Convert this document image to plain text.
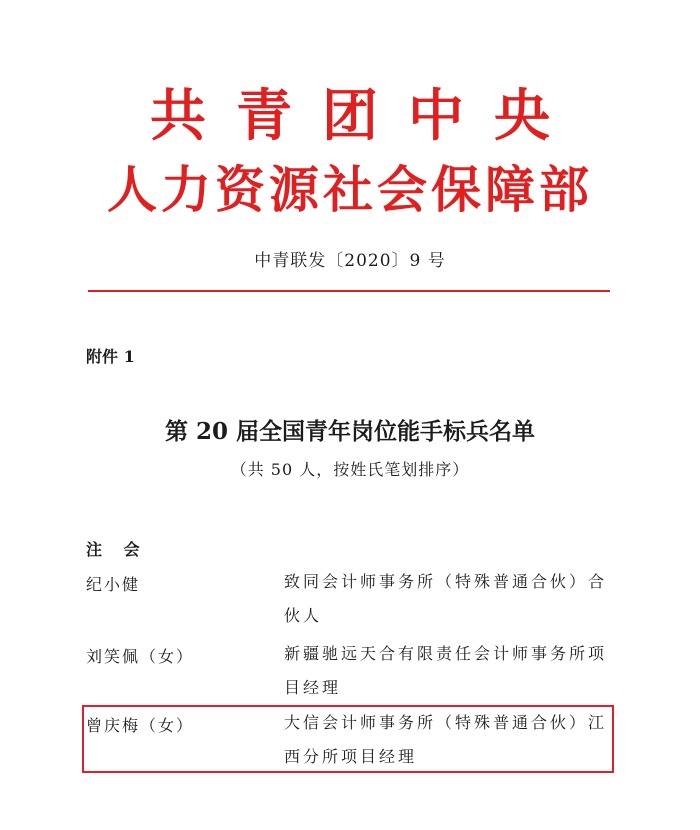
共青团中央
人力资源社会保障部
中青联发〔2020〕9 号
附件 1
第 20 届全国青年岗位能手标兵名单
（共 50 人，按姓氏笔划排序）
注 会
纪小健	致同会计师事务所（特殊普通合伙）合伙人
刘笑佩（女）	新疆驰远天合有限责任会计师事务所项目经理
曾庆梅（女）	大信会计师事务所（特殊普通合伙）江西分所项目经理
